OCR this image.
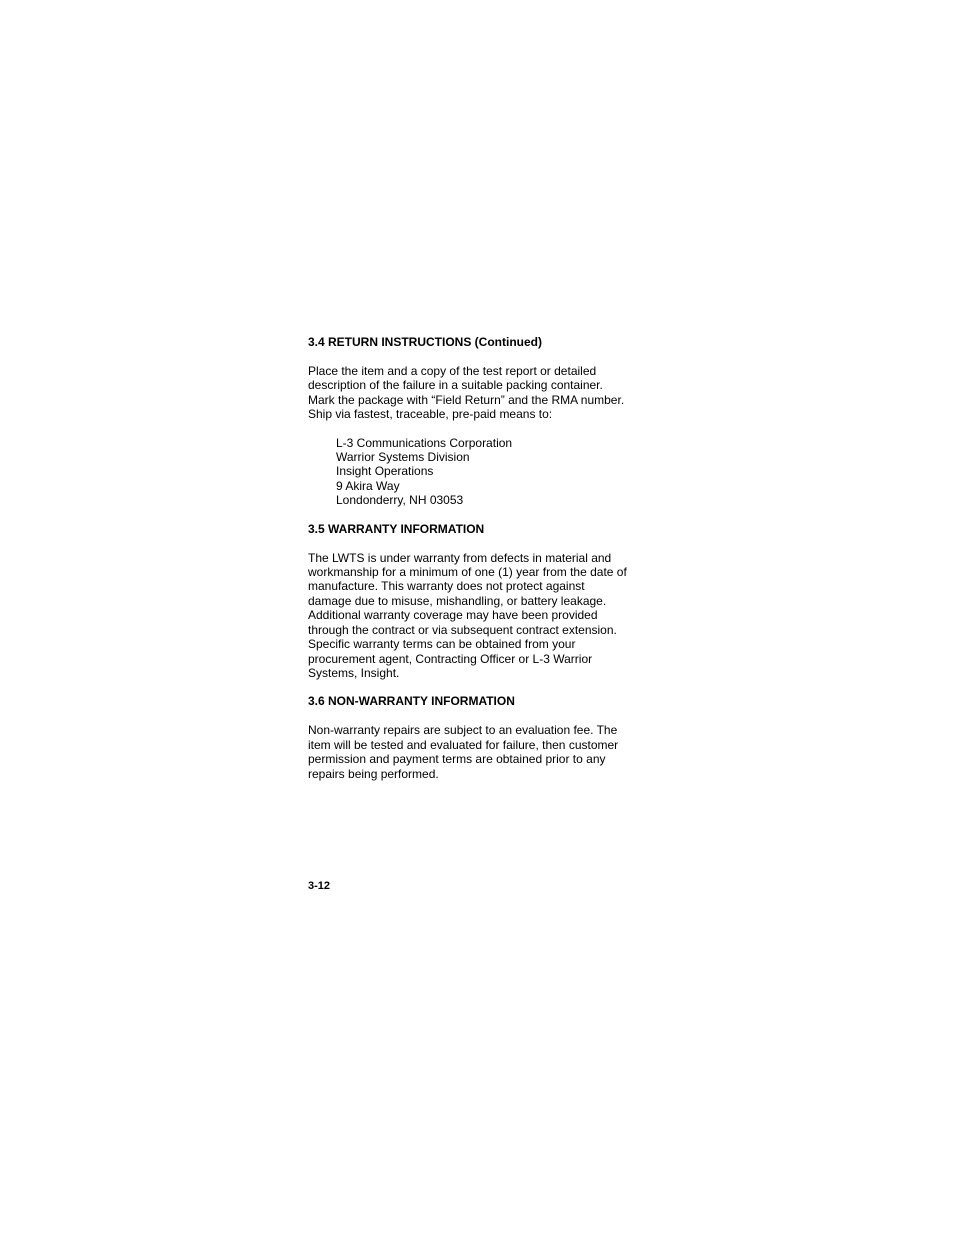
3.4 RETURN INSTRUCTIONS (Continued)
Place the item and a copy of the test report or detailed
description of the failure in a suitable packing container.
Mark the package with “Field Return” and the RMA number.
Ship via fastest, traceable, pre-paid means to:
L-3 Communications Corporation
Warrior Systems Division
Insight Operations
9 Akira Way
Londonderry, NH 03053
3.5 WARRANTY INFORMATION
The LWTS is under warranty from defects in material and
workmanship for a minimum of one (1) year from the date of
manufacture. This warranty does not protect against
damage due to misuse, mishandling, or battery leakage.
Additional warranty coverage may have been provided
through the contract or via subsequent contract extension.
Specific warranty terms can be obtained from your
procurement agent, Contracting Officer or L-3 Warrior
Systems, Insight.
3.6 NON-WARRANTY INFORMATION
Non-warranty repairs are subject to an evaluation fee. The
item will be tested and evaluated for failure, then customer
permission and payment terms are obtained prior to any
repairs being performed.
3-12
